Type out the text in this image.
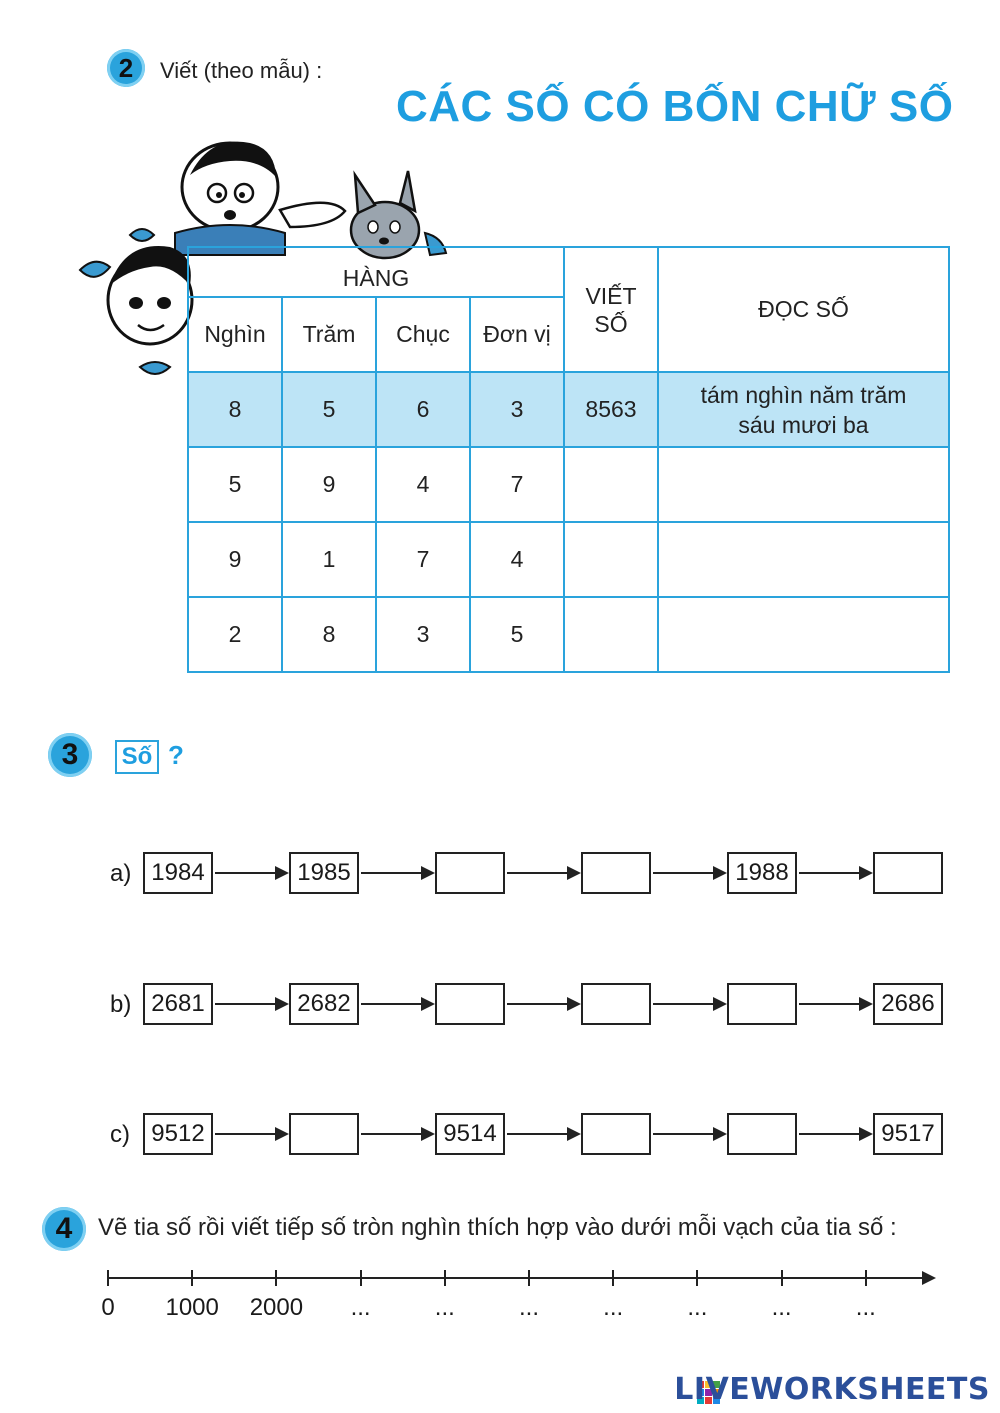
2	Viết (theo mẫu) :
CÁC SỐ CÓ BỐN CHỮ SỐ
HÀNG				VIẾT SỐ	ĐỌC SỐ
Nghìn	Trăm	Chục	Đơn vị		
8	5	6	3	8563	tám nghìn năm trăm sáu mươi ba
5	9	4	7		
9	1	7	4		
2	8	3	5		
3	Số ?
a) 1984	1985	1988
b) 2681	2682	2686
c) 9512	9514	9517
4	Vẽ tia số rồi viết tiếp số tròn nghìn thích hợp vào dưới mỗi vạch của tia số :
0	1000	2000	...	...	...	...	...	...	...
LIVEWORKSHEETS
